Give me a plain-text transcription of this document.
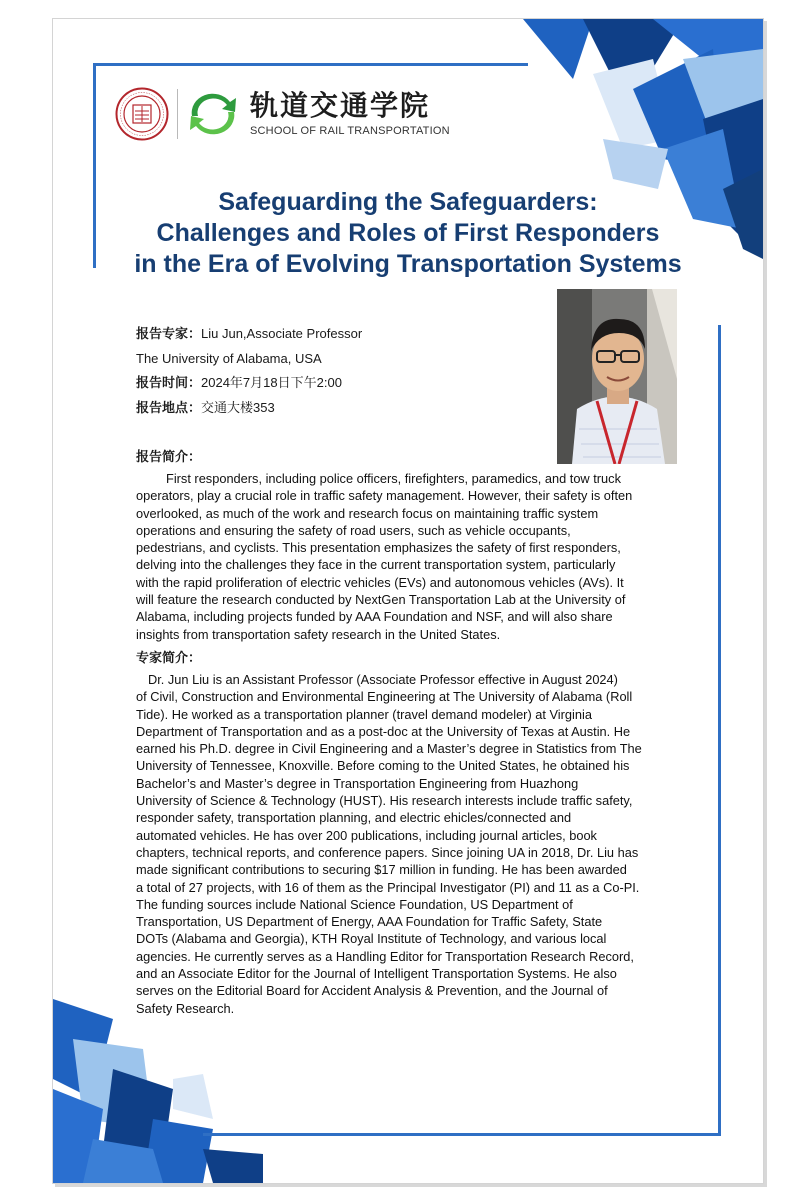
轨道交通学院
SCHOOL OF RAIL TRANSPORTATION
Safeguarding the Safeguarders:
Challenges and Roles of First Responders
in the Era of Evolving Transportation Systems
报告专家：Liu Jun,Associate Professor
The University of Alabama, USA
报告时间：2024年7月18日下午2:00
报告地点：交通大楼353
报告简介：
First responders, including police officers, firefighters, paramedics, and tow truck
operators, play a crucial role in traffic safety management. However, their safety is often
overlooked, as much of the work and research focus on maintaining traffic system
operations and ensuring the safety of road users, such as vehicle occupants,
pedestrians, and cyclists. This presentation emphasizes the safety of first responders,
delving into the challenges they face in the current transportation system, particularly
with the rapid proliferation of electric vehicles (EVs) and autonomous vehicles (AVs). It
will feature the research conducted by NextGen Transportation Lab at the University of
Alabama, including projects funded by AAA Foundation and NSF, and will also share
insights from transportation safety research in the United States.
专家简介：
Dr. Jun Liu is an Assistant Professor (Associate Professor effective in August 2024)
of Civil, Construction and Environmental Engineering at The University of Alabama (Roll
Tide). He worked as a transportation planner (travel demand modeler) at Virginia
Department of Transportation and as a post-doc at the University of Texas at Austin. He
earned his Ph.D. degree in Civil Engineering and a Master’s degree in Statistics from The
University of Tennessee, Knoxville. Before coming to the United States, he obtained his
Bachelor’s and Master’s degree in Transportation Engineering from Huazhong
University of Science & Technology (HUST). His research interests include traffic safety,
responder safety, transportation planning, and electric ehicles/connected and
automated vehicles. He has over 200 publications, including journal articles, book
chapters, technical reports, and conference papers. Since joining UA in 2018, Dr. Liu has
made significant contributions to securing $17 million in funding. He has been awarded
a total of 27 projects, with 16 of them as the Principal Investigator (PI) and 11 as a Co-PI.
The funding sources include National Science Foundation, US Department of
Transportation, US Department of Energy, AAA Foundation for Traffic Safety, State
DOTs (Alabama and Georgia), KTH Royal Institute of Technology, and various local
agencies. He currently serves as a Handling Editor for Transportation Research Record,
and an Associate Editor for the Journal of Intelligent Transportation Systems. He also
serves on the Editorial Board for Accident Analysis & Prevention, and the Journal of
Safety Research.
